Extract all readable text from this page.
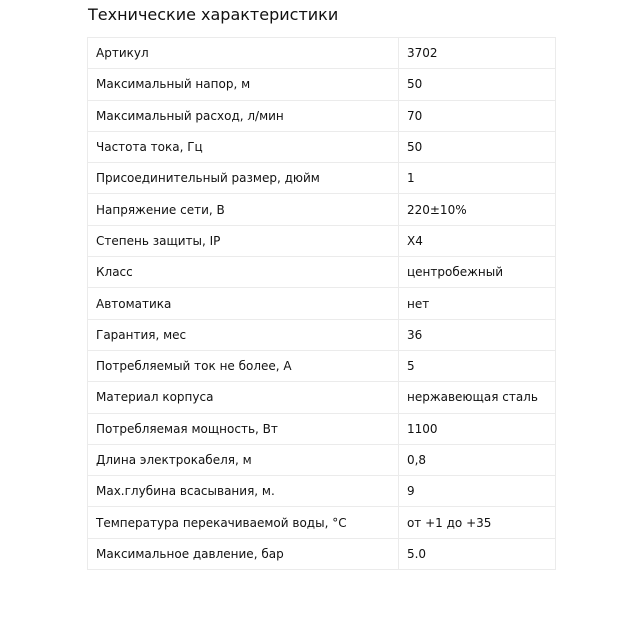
Технические характеристики
Артикул	3702
Максимальный напор, м	50
Максимальный расход, л/мин	70
Частота тока, Гц	50
Присоединительный размер, дюйм	1
Напряжение сети, В	220±10%
Степень защиты, IP	X4
Класс	центробежный
Автоматика	нет
Гарантия, мес	36
Потребляемый ток не более, А	5
Материал корпуса	нержавеющая сталь
Потребляемая мощность, Вт	1100
Длина электрокабеля, м	0,8
Max.глубина всасывания, м.	9
Температура перекачиваемой воды, °С	от +1 до +35
Максимальное давление, бар	5.0
